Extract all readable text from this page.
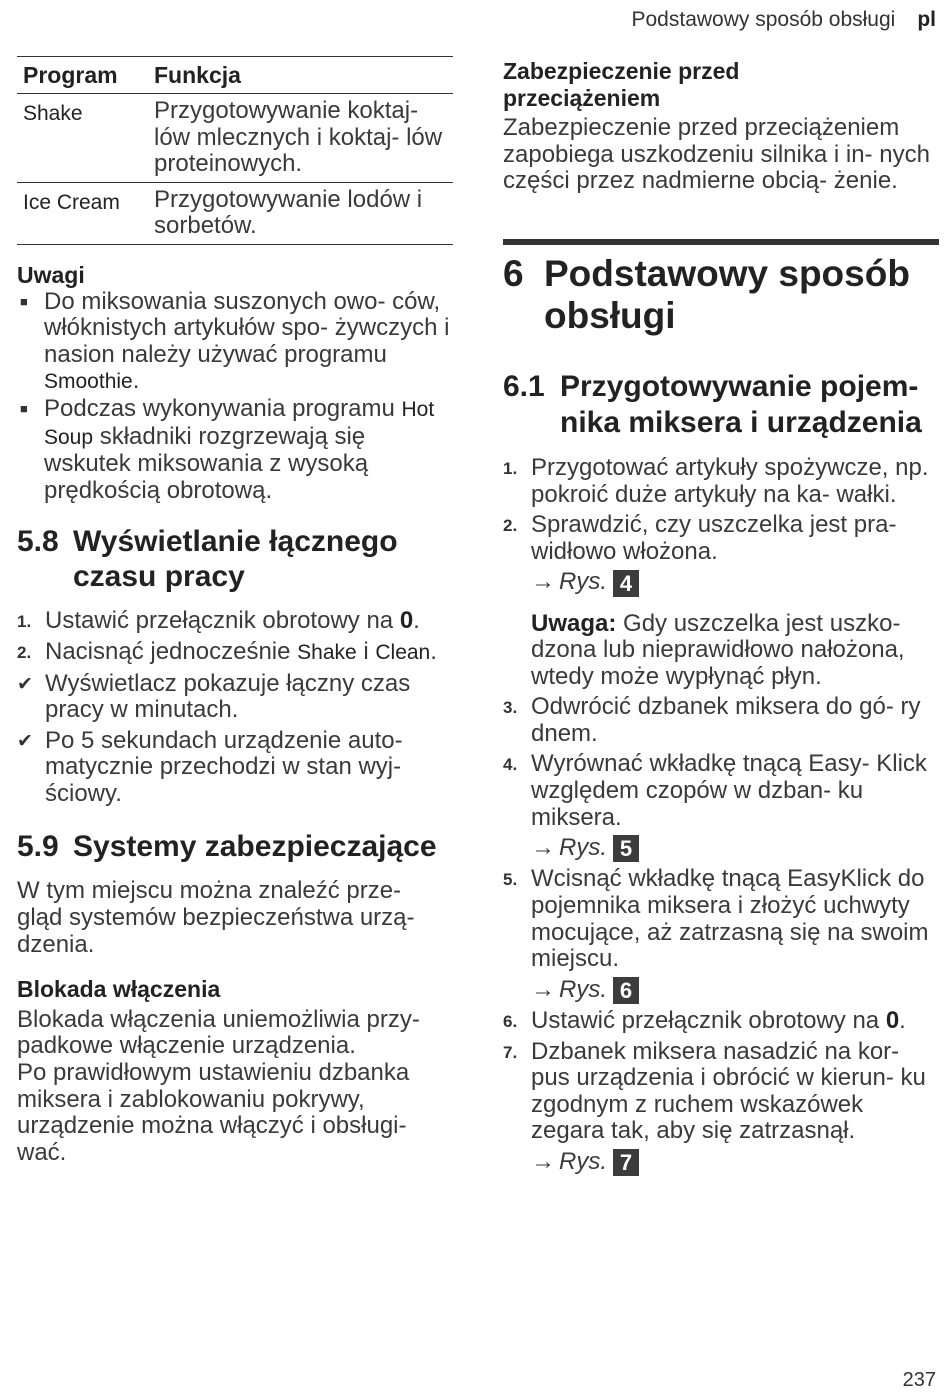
Podstawowy sposób obsługi pl
Program	Funkcja
Shake	Przygotowywanie koktaj- lów mlecznych i koktaj- lów proteinowych.
Ice Cream	Przygotowywanie lodów i sorbetów.

Uwagi

■ Do miksowania suszonych owo- ców, włóknistych artykułów spo- żywczych i nasion należy używać programu Smoothie.
■ Podczas wykonywania programu Hot Soup składniki rozgrzewają się wskutek miksowania z wysoką prędkością obrotową.
5.8 Wyświetlanie łącznego czasu pracy
1. Ustawić przełącznik obrotowy na 0.
2. Nacisnąć jednocześnie Shake i Clean.
✔ Wyświetlacz pokazuje łączny czas pracy w minutach.
✔ Po 5 sekundach urządzenie auto- matycznie przechodzi w stan wyj- ściowy.
5.9 Systemy zabezpieczające

W tym miejscu można znaleźć prze- gląd systemów bezpieczeństwa urzą- dzenia.

Blokada włączenia

Blokada włączenia uniemożliwia przy- padkowe włączenie urządzenia.

Po prawidłowym ustawieniu dzbanka miksera i zablokowaniu pokrywy, urządzenie można włączyć i obsługi- wać.

Zabezpieczenie przed przeciążeniem

Zabezpieczenie przed przeciążeniem zapobiega uszkodzeniu silnika i in- nych części przez nadmierne obcią- żenie.

6 Podstawowy sposób obsługi
6.1 Przygotowywanie pojem- nika miksera i urządzenia
1. Przygotować artykuły spożywcze, np. pokroić duże artykuły na ka- wałki.
2. Sprawdzić, czy uszczelka jest pra- widłowo włożona.
→ Rys. 4
Uwaga: Gdy uszczelka jest uszko- dzona lub nieprawidłowo nałożona, wtedy może wypłynąć płyn.
3. Odwrócić dzbanek miksera do gó- ry dnem.
4. Wyrównać wkładkę tnącą Easy- Klick względem czopów w dzban- ku miksera.
→ Rys. 5
5. Wcisnąć wkładkę tnącą EasyKlick do pojemnika miksera i złożyć uchwyty mocujące, aż zatrzasną się na swoim miejscu.
→ Rys. 6
6. Ustawić przełącznik obrotowy na 0.
7. Dzbanek miksera nasadzić na kor- pus urządzenia i obrócić w kierun- ku zgodnym z ruchem wskazówek zegara tak, aby się zatrzasnął.
→ Rys. 7
237
